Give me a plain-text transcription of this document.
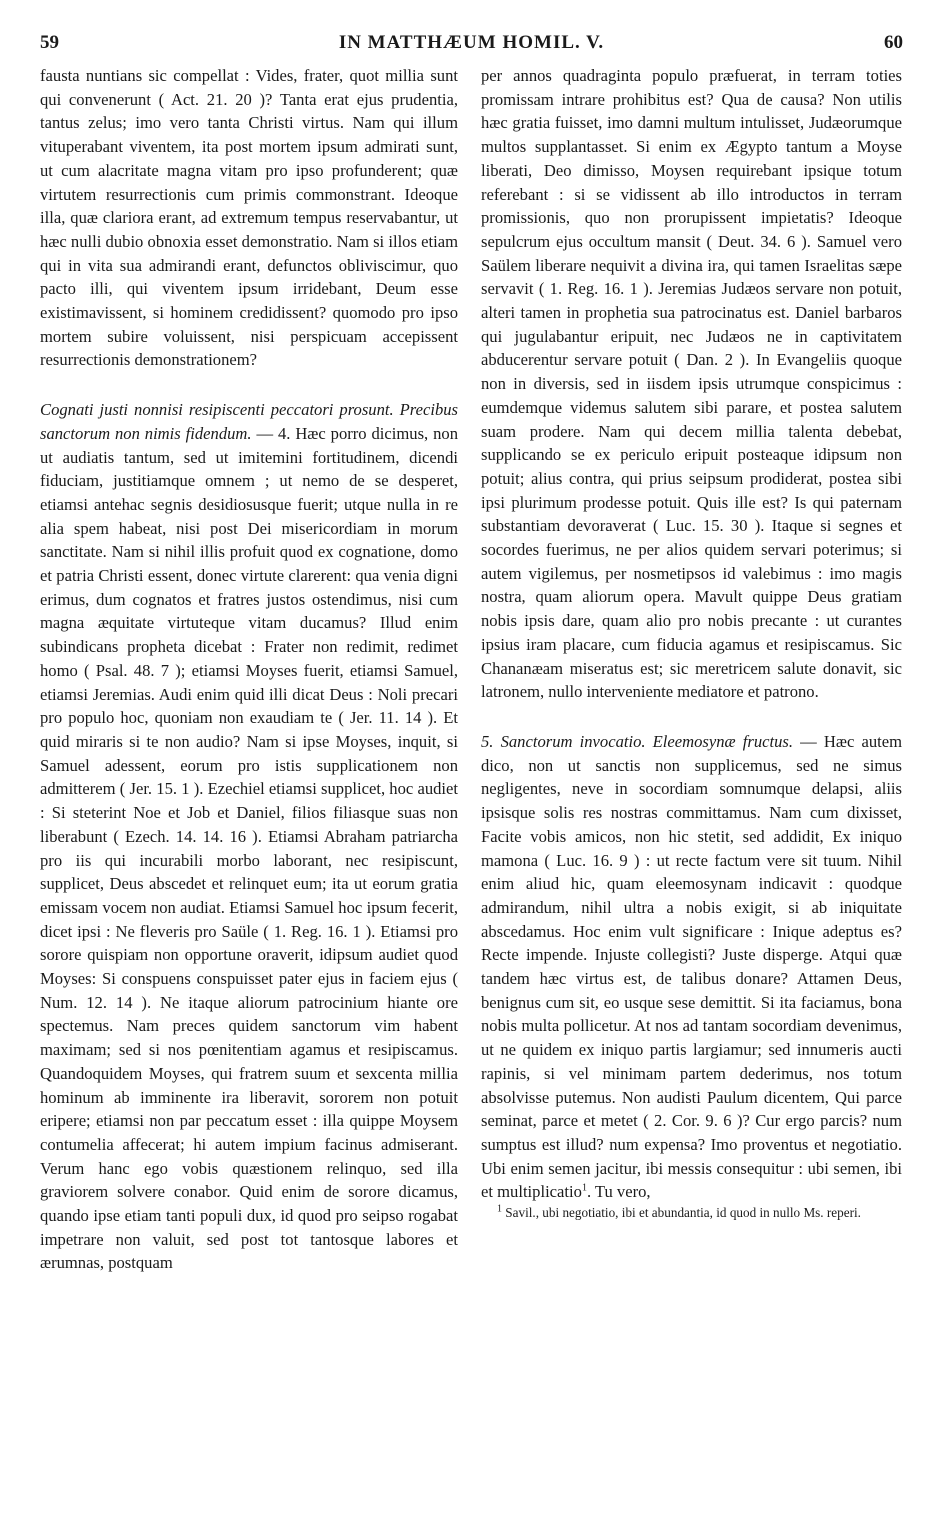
59	IN MATTHÆUM HOMIL. V.	60

fausta nuntians sic compellat : Vides, frater, quot millia sunt qui convenerunt ( Act. 21. 20 )? Tanta erat ejus prudentia, tantus zelus; imo vero tanta Christi virtus. Nam qui illum vituperabant viventem, ita post mortem ipsum admirati sunt, ut cum alacritate magna vitam pro ipso profunderent; quæ virtutem resurrectionis cum primis commonstrant. Ideoque illa, quæ clariora erant, ad extremum tempus reservabantur, ut hæc nulli dubio obnoxia esset demonstratio. Nam si illos etiam qui in vita sua admirandi erant, defunctos obliviscimur, quo pacto illi, qui viventem ipsum irridebant, Deum esse existimavissent, si hominem credidissent? quomodo pro ipso mortem subire voluissent, nisi perspicuam accepissent resurrectionis demonstrationem?

Cognati justi nonnisi resipiscenti peccatori prosunt. Precibus sanctorum non nimis fidendum. — 4. Hæc porro dicimus, non ut audiatis tantum, sed ut imitemini fortitudinem, dicendi fiduciam, justitiamque omnem ; ut nemo de se desperet, etiamsi antehac segnis desidiosusque fuerit; utque nulla in re alia spem habeat, nisi post Dei misericordiam in morum sanctitate. Nam si nihil illis profuit quod ex cognatione, domo et patria Christi essent, donec virtute clarerent: qua venia digni erimus, dum cognatos et fratres justos ostendimus, nisi cum magna æquitate virtuteque vitam ducamus? Illud enim subindicans propheta dicebat : Frater non redimit, redimet homo ( Psal. 48. 7 ); etiamsi Moyses fuerit, etiamsi Samuel, etiamsi Jeremias. Audi enim quid illi dicat Deus : Noli precari pro populo hoc, quoniam non exaudiam te ( Jer. 11. 14 ). Et quid miraris si te non audio? Nam si ipse Moyses, inquit, si Samuel adessent, eorum pro istis supplicationem non admitterem ( Jer. 15. 1 ). Ezechiel etiamsi supplicet, hoc audiet : Si steterint Noe et Job et Daniel, filios filiasque suas non liberabunt ( Ezech. 14. 14. 16 ). Etiamsi Abraham patriarcha pro iis qui incurabili morbo laborant, nec resipiscunt, supplicet, Deus abscedet et relinquet eum; ita ut eorum gratia emissam vocem non audiat. Etiamsi Samuel hoc ipsum fecerit, dicet ipsi : Ne fleveris pro Saüle ( 1. Reg. 16. 1 ). Etiamsi pro sorore quispiam non opportune oraverit, idipsum audiet quod Moyses: Si conspuens conspuisset pater ejus in faciem ejus ( Num. 12. 14 ). Ne itaque aliorum patrocinium hiante ore spectemus. Nam preces quidem sanctorum vim habent maximam; sed si nos pœnitentiam agamus et resipiscamus. Quandoquidem Moyses, qui fratrem suum et sexcenta millia hominum ab imminente ira liberavit, sororem non potuit eripere; etiamsi non par peccatum esset : illa quippe Moysem contumelia affecerat; hi autem impium facinus admiserant. Verum hanc ego vobis quæstionem relinquo, sed illa graviorem solvere conabor. Quid enim de sorore dicamus, quando ipse etiam tanti populi dux, id quod pro seipso rogabat impetrare non valuit, sed post tot tantosque labores et ærumnas, postquam

per annos quadraginta populo præfuerat, in terram toties promissam intrare prohibitus est? Qua de causa? Non utilis hæc gratia fuisset, imo damni multum intulisset, Judæorumque multos supplantasset. Si enim ex Ægypto tantum a Moyse liberati, Deo dimisso, Moysen requirebant ipsique totum referebant : si se vidissent ab illo introductos in terram promissionis, quo non prorupissent impietatis? Ideoque sepulcrum ejus occultum mansit ( Deut. 34. 6 ). Samuel vero Saülem liberare nequivit a divina ira, qui tamen Israelitas sæpe servavit ( 1. Reg. 16. 1 ). Jeremias Judæos servare non potuit, alteri tamen in prophetia sua patrocinatus est. Daniel barbaros qui jugulabantur eripuit, nec Judæos ne in captivitatem abducerentur servare potuit ( Dan. 2 ). In Evangeliis quoque non in diversis, sed in iisdem ipsis utrumque conspicimus : eumdemque videmus salutem sibi parare, et postea salutem suam prodere. Nam qui decem millia talenta debebat, supplicando se ex periculo eripuit posteaque idipsum non potuit; alius contra, qui prius seipsum prodiderat, postea sibi ipsi plurimum prodesse potuit. Quis ille est? Is qui paternam substantiam devoraverat ( Luc. 15. 30 ). Itaque si segnes et socordes fuerimus, ne per alios quidem servari poterimus; si autem vigilemus, per nosmetipsos id valebimus : imo magis nostra, quam aliorum opera. Mavult quippe Deus gratiam nobis ipsis dare, quam alio pro nobis precante : ut curantes ipsius iram placare, cum fiducia agamus et resipiscamus. Sic Chananæam miseratus est; sic meretricem salute donavit, sic latronem, nullo interveniente mediatore et patrono.

5. Sanctorum invocatio. Eleemosynæ fructus. — Hæc autem dico, non ut sanctis non supplicemus, sed ne simus negligentes, neve in socordiam somnumque delapsi, aliis ipsisque solis res nostras committamus. Nam cum dixisset, Facite vobis amicos, non hic stetit, sed addidit, Ex iniquo mamona ( Luc. 16. 9 ) : ut recte factum vere sit tuum. Nihil enim aliud hic, quam eleemosynam indicavit : quodque admirandum, nihil ultra a nobis exigit, si ab iniquitate abscedamus. Hoc enim vult significare : Inique adeptus es? Recte impende. Injuste collegisti? Juste disperge. Atqui quæ tandem hæc virtus est, de talibus donare? Attamen Deus, benignus cum sit, eo usque sese demittit. Si ita faciamus, bona nobis multa pollicetur. At nos ad tantam socordiam devenimus, ut ne quidem ex iniquo partis largiamur; sed innumeris aucti rapinis, si vel minimam partem dederimus, nos totum absolvisse putemus. Non audisti Paulum dicentem, Qui parce seminat, parce et metet ( 2. Cor. 9. 6 )? Cur ergo parcis? num sumptus est illud? num expensa? Imo proventus et negotiatio. Ubi enim semen jacitur, ibi messis consequitur : ubi semen, ibi et multiplicatio$^1$. Tu vero,

$^1$ Savil., ubi negotiatio, ibi et abundantia, id quod in nullo Ms. reperi.
